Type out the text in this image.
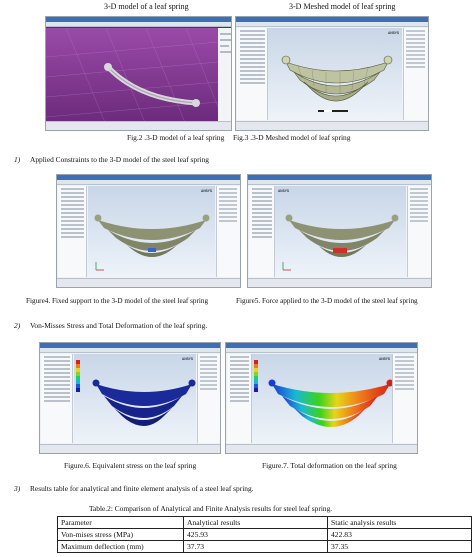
3-D model of a leaf spring	3-D Meshed model of leaf spring
ANSYS
Fig.2 .3-D model of a leaf spring Fig.3 .3-D Meshed model of leaf spring
1) Applied Constraints to the 3-D model of the steel leaf spring
ANSYS	ANSYS
Figure4. Fixed support to the 3-D model of the steel leaf spring	Figure5. Force applied to the 3-D model of the steel leaf spring
2) Von-Misses Stress and Total Deformation of the leaf spring.
ANSYS	ANSYS
Figure.6. Equivalent stress on the leaf spring	Figure.7. Total deformation on the leaf spring
3) Results table for analytical and finite element analysis of a steel leaf spring.
Table.2: Comparison of Analytical and Finite Analysis results for steel leaf spring.
Parameter	Analytical results	Static analysis results
Von-mises stress (MPa)	425.93	422.83
Maximum deflection (mm)	37.73	37.35
